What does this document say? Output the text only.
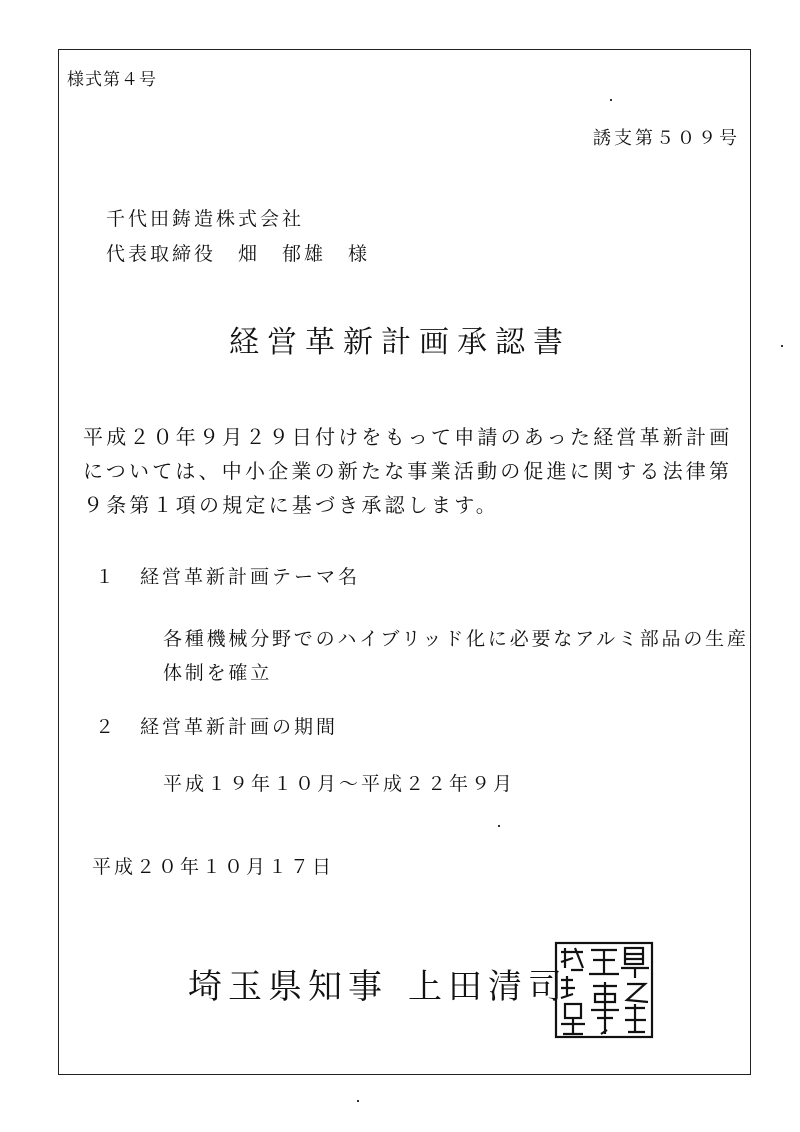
様式第４号
誘支第５０９号
千代田鋳造株式会社
代表取締役 畑　郁雄 様
経営革新計画承認書
平成２０年９月２９日付けをもって申請のあった経営革新計画については、中小企業の新たな事業活動の促進に関する法律第９条第１項の規定に基づき承認します。
１ 経営革新計画テーマ名
各種機械分野でのハイブリッド化に必要なアルミ部品の生産体制を確立
２ 経営革新計画の期間
平成１９年１０月～平成２２年９月
平成２０年１０月１７日
埼玉県知事 上田清司
